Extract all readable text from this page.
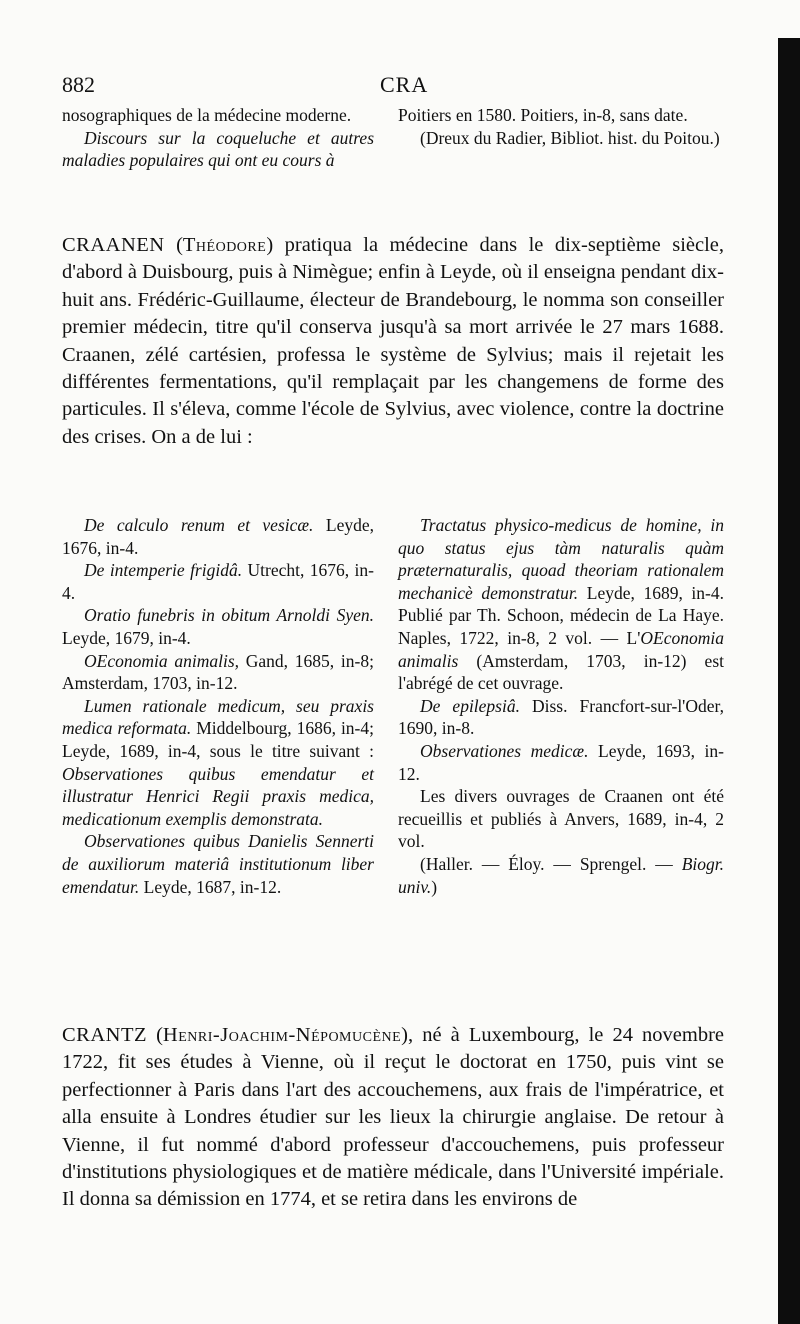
882	CRA

nosographiques de la médecine moderne.

Discours sur la coqueluche et autres maladies populaires qui ont eu cours à

Poitiers en 1580. Poitiers, in-8, sans date.

(Dreux du Radier, Bibliot. hist. du Poitou.)

CRAANEN (Théodore) pratiqua la médecine dans le dix-septième siècle, d'abord à Duisbourg, puis à Nimègue; enfin à Leyde, où il enseigna pendant dix-huit ans. Frédéric-Guillaume, électeur de Brandebourg, le nomma son conseiller premier médecin, titre qu'il conserva jusqu'à sa mort arrivée le 27 mars 1688. Craanen, zélé cartésien, professa le système de Sylvius; mais il rejetait les différentes fermentations, qu'il remplaçait par les changemens de forme des particules. Il s'éleva, comme l'école de Sylvius, avec violence, contre la doctrine des crises. On a de lui :

De calculo renum et vesicæ. Leyde, 1676, in-4.

De intemperie frigidâ. Utrecht, 1676, in-4.

Oratio funebris in obitum Arnoldi Syen. Leyde, 1679, in-4.

OEconomia animalis, Gand, 1685, in-8; Amsterdam, 1703, in-12.

Lumen rationale medicum, seu praxis medica reformata. Middelbourg, 1686, in-4; Leyde, 1689, in-4, sous le titre suivant : Observationes quibus emendatur et illustratur Henrici Regii praxis medica, medicationum exemplis demonstrata.

Observationes quibus Danielis Sennerti de auxiliorum materiâ institutionum liber emendatur. Leyde, 1687, in-12.

Tractatus physico-medicus de homine, in quo status ejus tàm naturalis quàm præternaturalis, quoad theoriam rationalem mechanicè demonstratur. Leyde, 1689, in-4. Publié par Th. Schoon, médecin de La Haye. Naples, 1722, in-8, 2 vol. — L'OEconomia animalis (Amsterdam, 1703, in-12) est l'abrégé de cet ouvrage.

De epilepsiâ. Diss. Francfort-sur-l'Oder, 1690, in-8.

Observationes medicæ. Leyde, 1693, in-12.

Les divers ouvrages de Craanen ont été recueillis et publiés à Anvers, 1689, in-4, 2 vol.

(Haller. — Éloy. — Sprengel. — Biogr. univ.)

CRANTZ (Henri-Joachim-Népomucène), né à Luxembourg, le 24 novembre 1722, fit ses études à Vienne, où il reçut le doctorat en 1750, puis vint se perfectionner à Paris dans l'art des accouchemens, aux frais de l'impératrice, et alla ensuite à Londres étudier sur les lieux la chirurgie anglaise. De retour à Vienne, il fut nommé d'abord professeur d'accouchemens, puis professeur d'institutions physiologiques et de matière médicale, dans l'Université impériale. Il donna sa démission en 1774, et se retira dans les environs de
